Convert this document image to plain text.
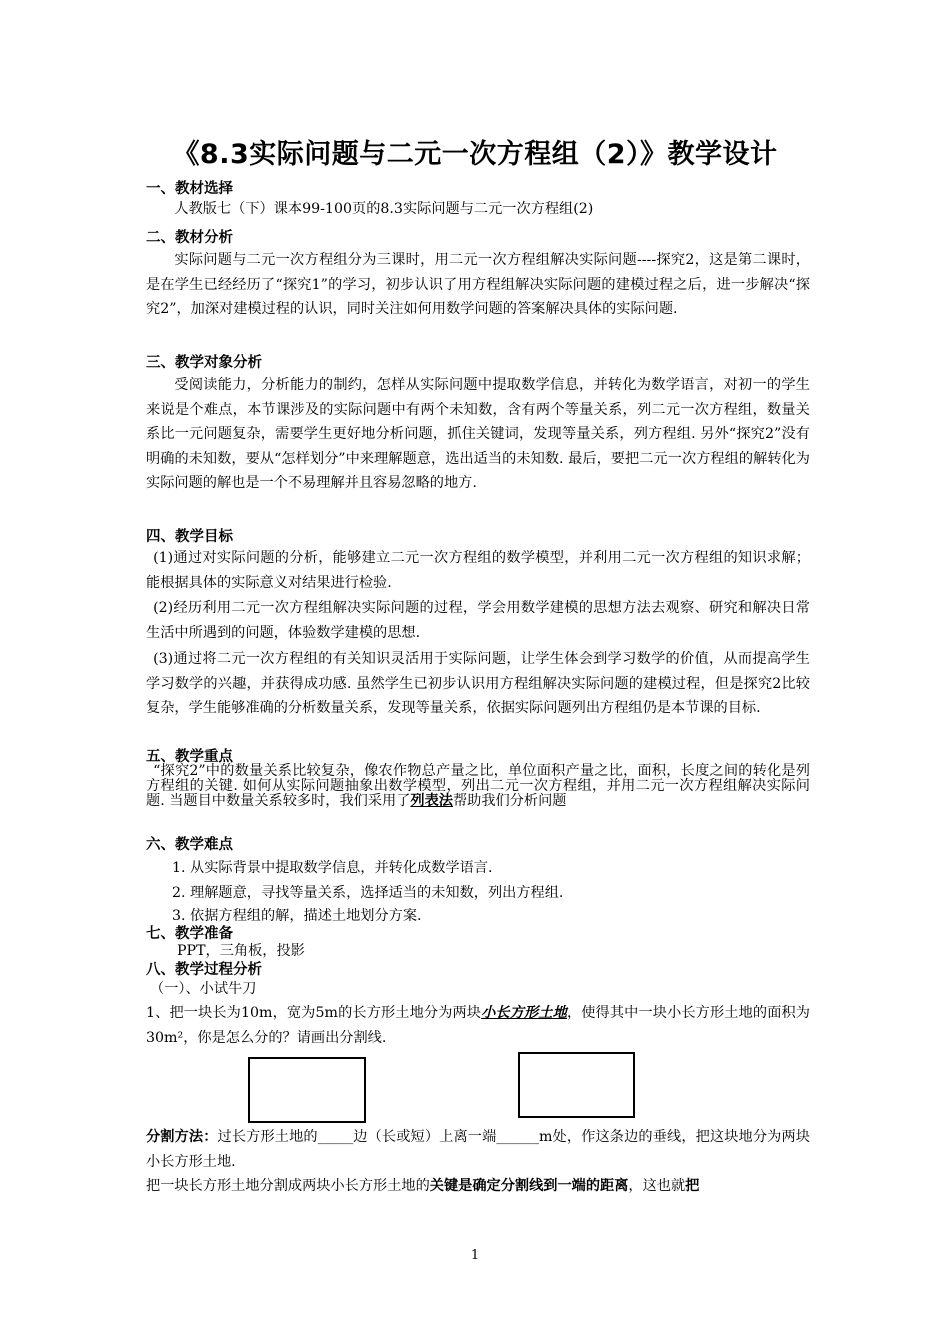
《8.3实际问题与二元一次方程组（2）》教学设计
一、教材选择
人教版七（下）课本99-100页的8.3实际问题与二元一次方程组(2)
二、教材分析
实际问题与二元一次方程组分为三课时，用二元一次方程组解决实际问题----探究2，这是第二课时，是在学生已经经历了“探究1”的学习，初步认识了用方程组解决实际问题的建模过程之后，进一步解决“探究2”，加深对建模过程的认识，同时关注如何用数学问题的答案解决具体的实际问题.
三、教学对象分析
受阅读能力，分析能力的制约，怎样从实际问题中提取数学信息，并转化为数学语言，对初一的学生来说是个难点，本节课涉及的实际问题中有两个未知数，含有两个等量关系，列二元一次方程组，数量关系比一元问题复杂，需要学生更好地分析问题，抓住关键词，发现等量关系，列方程组. 另外“探究2”没有明确的未知数，要从“怎样划分”中来理解题意，选出适当的未知数. 最后，要把二元一次方程组的解转化为实际问题的解也是一个不易理解并且容易忽略的地方.
四、教学目标
(1)通过对实际问题的分析，能够建立二元一次方程组的数学模型，并利用二元一次方程组的知识求解；能根据具体的实际意义对结果进行检验.
(2)经历利用二元一次方程组解决实际问题的过程，学会用数学建模的思想方法去观察、研究和解决日常生活中所遇到的问题，体验数学建模的思想.
(3)通过将二元一次方程组的有关知识灵活用于实际问题，让学生体会到学习数学的价值，从而提高学生学习数学的兴趣，并获得成功感. 虽然学生已初步认识用方程组解决实际问题的建模过程，但是探究2比较复杂，学生能够准确的分析数量关系，发现等量关系，依据实际问题列出方程组仍是本节课的目标.
五、教学重点
“探究2”中的数量关系比较复杂，像农作物总产量之比，单位面积产量之比，面积，长度之间的转化是列方程组的关键. 如何从实际问题抽象出数学模型，列出二元一次方程组，并用二元一次方程组解决实际问题. 当题目中数量关系较多时，我们采用了列表法帮助我们分析问题
六、教学难点
1. 从实际背景中提取数学信息，并转化成数学语言.
2. 理解题意，寻找等量关系，选择适当的未知数，列出方程组.
3. 依据方程组的解，描述土地划分方案.
七、教学准备
PPT，三角板，投影
八、教学过程分析
（一）、小试牛刀
1、把一块长为10m，宽为5m的长方形土地分为两块小长方形土地，使得其中一块小长方形土地的面积为30m²，你是怎么分的？请画出分割线.
分割方法：过长方形土地的_____边（长或短）上离一端______m处，作这条边的垂线，把这块地分为两块小长方形土地.
把一块长方形土地分割成两块小长方形土地的关键是确定分割线到一端的距离，这也就把
1
